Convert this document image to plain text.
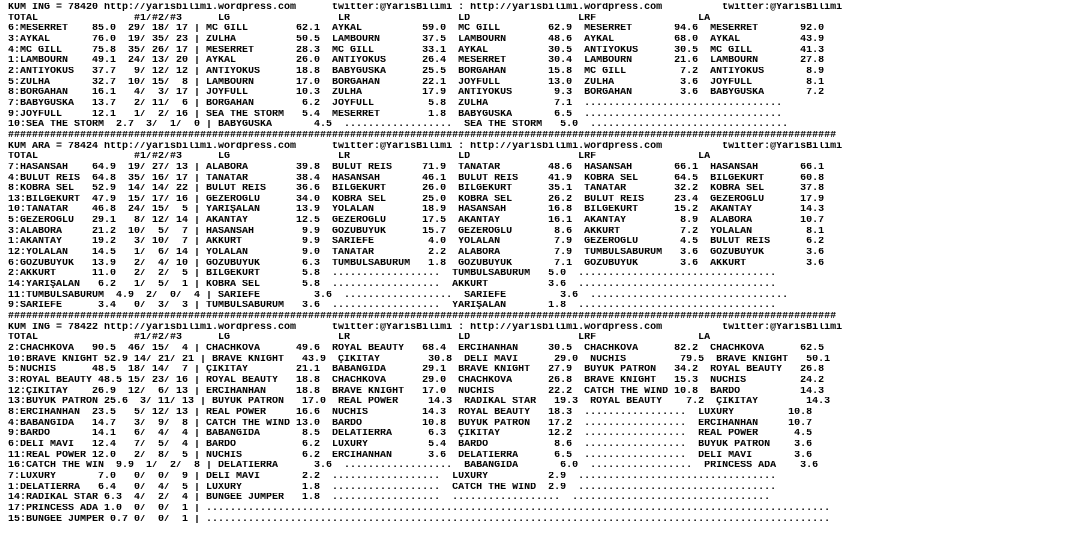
KUM ING = 78420 http://yarisbilimi.wordpress.com      twitter:@YarisBilimi : http://yarisbilimi.wordpress.com          twitter:@YarisBilimi
TOTAL                #1/#2/#3      LG                  LR                  LD                  LRF                 LA
6:MESERRET    85.0  29/ 18/ 17 | MC GILL        62.1  AYKAL          59.0  MC GILL        62.9  MESERRET       94.6  MESERRET       92.0
3:AYKAL       76.0  19/ 35/ 23 | ZÜLHA          50.5  LAMBOURN       37.5  LAMBOURN       48.6  AYKAL          68.0  AYKAL          43.9
4:MC GILL     75.8  35/ 26/ 17 | MESERRET       28.3  MC GILL        33.1  AYKAL          30.5  ANTIYOKUS      30.5  MC GILL        41.3
1:LAMBOURN    49.1  24/ 13/ 20 | AYKAL          26.0  ANTIYOKUS      26.4  MESERRET       30.4  LAMBOURN       21.6  LAMBOURN       27.8
2:ANTIYOKUS   37.7   9/ 12/ 12 | ANTIYOKUS      18.8  BABYGUSKA      25.5  BORGAHAN       15.8  MC GILL         7.2  ANTIYOKUS       8.9
5:ZÜLHA       32.7  10/ 15/  8 | LAMBOURN       17.0  BORGAHAN       22.1  JOYFULL        13.0  ZÜLHA           3.6  JOYFULL         8.1
8:BORGAHAN    16.1   4/  3/ 17 | JOYFULL        10.3  ZÜLHA          17.9  ANTIYOKUS       9.3  BORGAHAN        3.6  BABYGUSKA       7.2
7:BABYGUSKA   13.7   2/ 11/  6 | BORGAHAN        6.2  JOYFULL         5.8  ZÜLHA           7.1  .................................
9:JOYFULL     12.1   1/  2/ 16 | SEA THE STORM   5.4  MESERRET        1.8  BABYGUSKA       6.5  .................................
10:SEA THE STORM  2.7  3/  1/  0 | BABYGUSKA       4.5  ..................  SEA THE STORM   5.0  .................................
##########################################################################################################################################
KUM ARA = 78424 http://yarisbilimi.wordpress.com      twitter:@YarisBilimi : http://yarisbilimi.wordpress.com          twitter:@YarisBilimi
TOTAL                #1/#2/#3      LG                  LR                  LD                  LRF                 LA
7:HASANSAH    64.9  19/ 27/ 13 | ALABORA        39.8  BULUT REİS     71.9  TANATAR        48.6  HASANSAH       66.1  HASANSAH       66.1
4:BULUT REİS  64.8  35/ 16/ 17 | TANATAR        38.4  HASANSAH       46.1  BULUT REİS     41.9  KOBRA SEL      64.5  BİLGEKURT      60.8
8:KOBRA SEL   52.9  14/ 14/ 22 | BULUT REİS     36.6  BİLGEKURT      26.0  BİLGEKURT      35.1  TANATAR        32.2  KOBRA SEL      37.8
13:BİLGEKURT  47.9  15/ 17/ 16 | GEZEROĞLU      34.0  KOBRA SEL      25.0  KOBRA SEL      26.2  BULUT REİS     23.4  GEZEROĞLU      17.9
10:TANATAR    46.8  24/ 15/  5 | YARIŞALAN      13.9  YOLALAN        18.9  HASANSAH       16.8  BİLGEKURT      15.2  AKANTAY        14.3
5:GEZEROĞLU   29.1   8/ 12/ 14 | AKANTAY        12.5  GEZEROĞLU      17.5  AKANTAY        16.1  AKANTAY         8.9  ALABORA        10.7
3:ALABORA     21.2  10/  5/  7 | HASANSAH        9.9  GÖZÜBÜYÜK      15.7  GEZEROĞLU       8.6  AKKURT          7.2  YOLALAN         8.1
1:AKANTAY     19.2   3/ 10/  7 | AKKURT          9.9  SARIEFE         4.0  YOLALAN         7.9  GEZEROĞLU       4.5  BULUT REİS      6.2
12:YOLALAN    14.5   1/  6/ 14 | YOLALAN         9.0  TANATAR         2.2  ALABORA         7.9  TUMBULSABURUM   3.6  GÖZÜBÜYÜK       3.6
6:GÖZÜBÜYÜK   13.9   2/  4/ 10 | GÖZÜBÜYÜK       6.3  TUMBULSABURUM   1.8  GÖZÜBÜYÜK       7.1  GÖZÜBÜYÜK       3.6  AKKURT          3.6
2:AKKURT      11.0   2/  2/  5 | BİLGEKURT       5.8  ..................  TUMBULSABURUM   5.0  .................................
14:YARIŞALAN   6.2   1/  5/  1 | KOBRA SEL       5.8  ..................  AKKURT          3.6  .................................
11:TUMBULSABURUM  4.9  2/  0/  4 | SARIEFE         3.6  ..................  SARIEFE         3.6  .................................
9:SARIEFE      3.4   0/  3/  3 | TUMBULSABURUM   3.6  ..................  YARIŞALAN       1.8  .................................
##########################################################################################################################################
KUM ING = 78422 http://yarisbilimi.wordpress.com      twitter:@YarisBilimi : http://yarisbilimi.wordpress.com          twitter:@YarisBilimi
TOTAL                #1/#2/#3      LG                  LR                  LD                  LRF                 LA
2:CHACHKOVA   90.5  46/ 15/  4 | CHACHKOVA      49.6  ROYAL BEAUTY   68.4  ERCİHANHAN     30.5  CHACHKOVA      82.2  CHACHKOVA      62.5
10:BRAVE KNIGHT 52.9 14/ 21/ 21 | BRAVE KNIGHT   43.9  ÇİKİTAY        30.8  DELİ MAVİ      29.0  NUCHIS         79.5  BRAVE KNIGHT   50.1
5:NUCHIS      48.5  18/ 14/  7 | ÇİKİTAY        21.1  BABANGİDA      29.1  BRAVE KNIGHT   27.9  BÜYÜK PATRON   34.2  ROYAL BEAUTY   26.8
3:ROYAL BEAUTY 48.5 15/ 23/ 16 | ROYAL BEAUTY   18.8  CHACHKOVA      29.0  CHACHKOVA      26.8  BRAVE KNIGHT   15.3  NUCHIS         24.2
12:ÇİKİTAY    26.9  12/  6/ 13 | ERCİHANHAN     18.8  BRAVE KNIGHT   17.0  NUCHIS         22.2  CATCH THE WIND 10.8  BARDO          14.3
13:BÜYÜK PATRON 25.6  3/ 11/ 13 | BÜYÜK PATRON   17.0  REAL POWER     14.3  RADIKAL STAR   19.3  ROYAL BEAUTY    7.2  ÇİKİTAY        14.3
8:ERCİHANHAN  23.5   5/ 12/ 13 | REAL POWER     16.6  NUCHIS         14.3  ROYAL BEAUTY   18.3  .................  LUXURY         10.8
4:BABANGİDA   14.7   3/  9/  8 | CATCH THE WIND 13.0  BARDO          10.8  BÜYÜK PATRON   17.2  .................  ERCİHANHAN     10.7
9:BARDO       14.1   6/  4/  4 | BABANGİDA       8.5  DELATIERRA      6.3  ÇİKİTAY        12.2  .................  REAL POWER      4.5
6:DELİ MAVİ   12.4   7/  5/  4 | BARDO           6.2  LUXURY          5.4  BARDO           8.6  .................  BÜYÜK PATRON    3.6
11:REAL POWER 12.0   2/  8/  5 | NUCHIS          6.2  ERCİHANHAN      3.6  DELATIERRA      6.5  .................  DELİ MAVİ       3.6
16:CATCH THE WIN  9.9  1/  2/  8 | DELATIERRA      3.6  ..................  BABANGİDA       6.0  .................  PRINCESS ADA    3.6
7:LUXURY       7.0   0/  0/  9 | DELİ MAVİ       2.2  ..................  LUXURY          2.9  .................................
1:DELATIERRA   6.4   0/  4/  5 | LUXURY          1.8  ..................  CATCH THE WIND  2.9  .................................
14:RADIKAL STAR 6.3  4/  2/  4 | BUNGEE JUMPER   1.8  ..................  ..................  .................................
17:PRINCESS ADA 1.0  0/  0/  1 | ........................................................................................................
15:BUNGEE JUMPER 0.7 0/  0/  1 | ........................................................................................................
